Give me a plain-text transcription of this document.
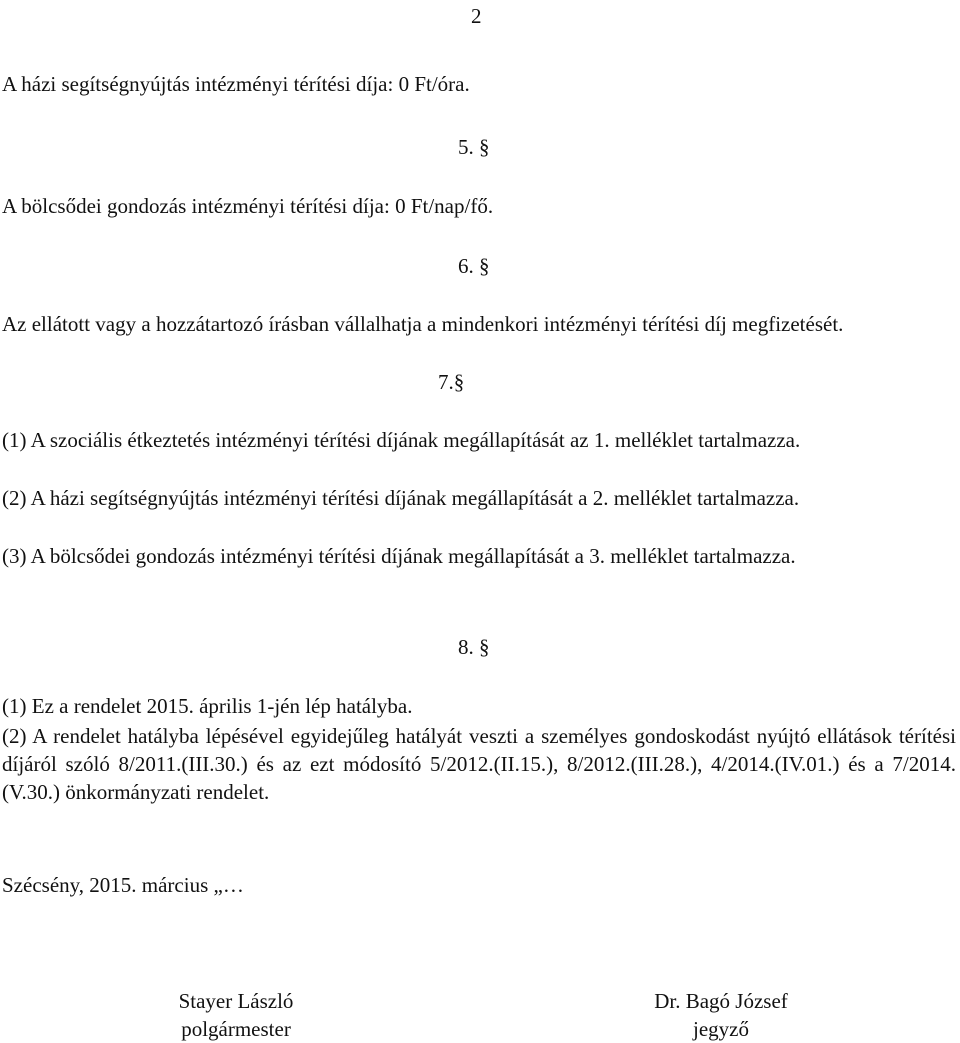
2
A házi segítségnyújtás intézményi térítési díja: 0 Ft/óra.
5. §
A bölcsődei gondozás intézményi térítési díja: 0 Ft/nap/fő.
6. §
Az ellátott vagy a hozzátartozó írásban vállalhatja a mindenkori intézményi térítési díj megfizetését.
7.§
(1) A szociális étkeztetés intézményi térítési díjának megállapítását az 1. melléklet tartalmazza.
(2) A házi segítségnyújtás intézményi térítési díjának megállapítását a 2. melléklet tartalmazza.
(3) A bölcsődei gondozás intézményi térítési díjának megállapítását a 3. melléklet tartalmazza.
8. §
(1) Ez a rendelet 2015. április 1-jén lép hatályba.
(2) A rendelet hatályba lépésével egyidejűleg hatályát veszti a személyes gondoskodást nyújtó ellátások térítési díjáról szóló 8/2011.(III.30.) és az ezt módosító 5/2012.(II.15.), 8/2012.(III.28.), 4/2014.(IV.01.) és a 7/2014.(V.30.) önkormányzati rendelet.
Szécsény, 2015. március „…
Stayer László
polgármester
Dr. Bagó József
jegyző
